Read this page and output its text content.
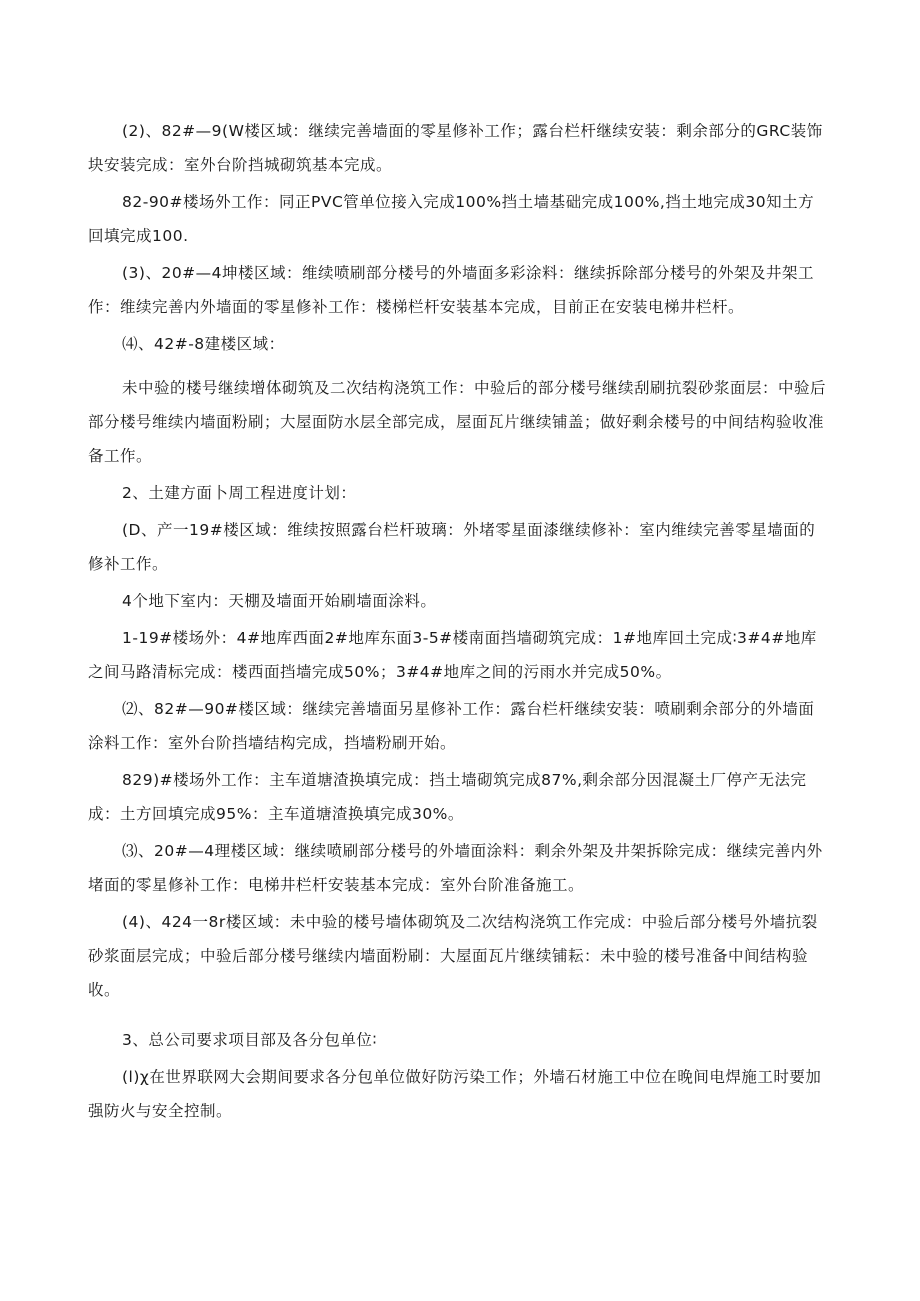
(2)、82#—9(W楼区域：继续完善墙面的零星修补工作；露台栏杆继续安装：剩余部分的GRC装饰块安装完成：室外台阶挡城砌筑基本完成。

82-90#楼场外工作：同正PVC管单位接入完成100%挡土墙基础完成100%,挡土地完成30知土方回填完成100.

(3)、20#—4坤楼区域：维续喷刷部分楼号的外墙面多彩涂料：继续拆除部分楼号的外架及井架工作：维续完善内外墙面的零星修补工作：楼梯栏杆安装基本完成，目前正在安装电梯井栏杆。

⑷、42#-8建楼区域：

未中验的楼号继续增体砌筑及二次结构浇筑工作：中验后的部分楼号继续刮刷抗裂砂浆面层：中验后部分楼号维续内墙面粉刷；大屋面防水层全部完成，屋面瓦片继续铺盖；做好剩余楼号的中间结构验收准备工作。

2、土建方面卜周工程进度计划：

(D、产一19#楼区域：维续按照露台栏杆玻璃：外堵零星面漆继续修补：室内维续完善零星墙面的修补工作。

4个地下室内：天棚及墙面开始刷墙面涂料。

1-19#楼场外：4#地库西面2#地库东面3-5#楼南面挡墙砌筑完成：1#地库回土完成∶3#4#地库之间马路清标完成：楼西面挡墙完成50%；3#4#地库之间的污雨水并完成50%。

⑵、82#—90#楼区域：继续完善墙面另星修补工作：露台栏杆继续安装：喷刷剩余部分的外墙面涂料工作：室外台阶挡墙结构完成，挡墙粉刷开始。

829)#楼场外工作：主车道塘渣换填完成：挡土墙砌筑完成87%,剩余部分因混凝土厂停产无法完成：土方回填完成95%：主车道塘渣换填完成30%。

⑶、20#—4理楼区域：继续喷刷部分楼号的外墙面涂料：剩余外架及井架拆除完成：继续完善内外堵面的零星修补工作：电梯井栏杆安装基本完成：室外台阶准备施工。

(4)、424一8r楼区域：未中验的楼号墙体砌筑及二次结构浇筑工作完成：中验后部分楼号外墙抗裂砂浆面层完成；中验后部分楼号继续内墙面粉刷：大屋面瓦片继续铺耘：未中验的楼号准备中间结构验收。

3、总公司要求项目部及各分包单位∶

(l)χ在世界联网大会期间要求各分包单位做好防污染工作；外墙石材施工中位在晚间电焊施工时要加强防火与安全控制。
